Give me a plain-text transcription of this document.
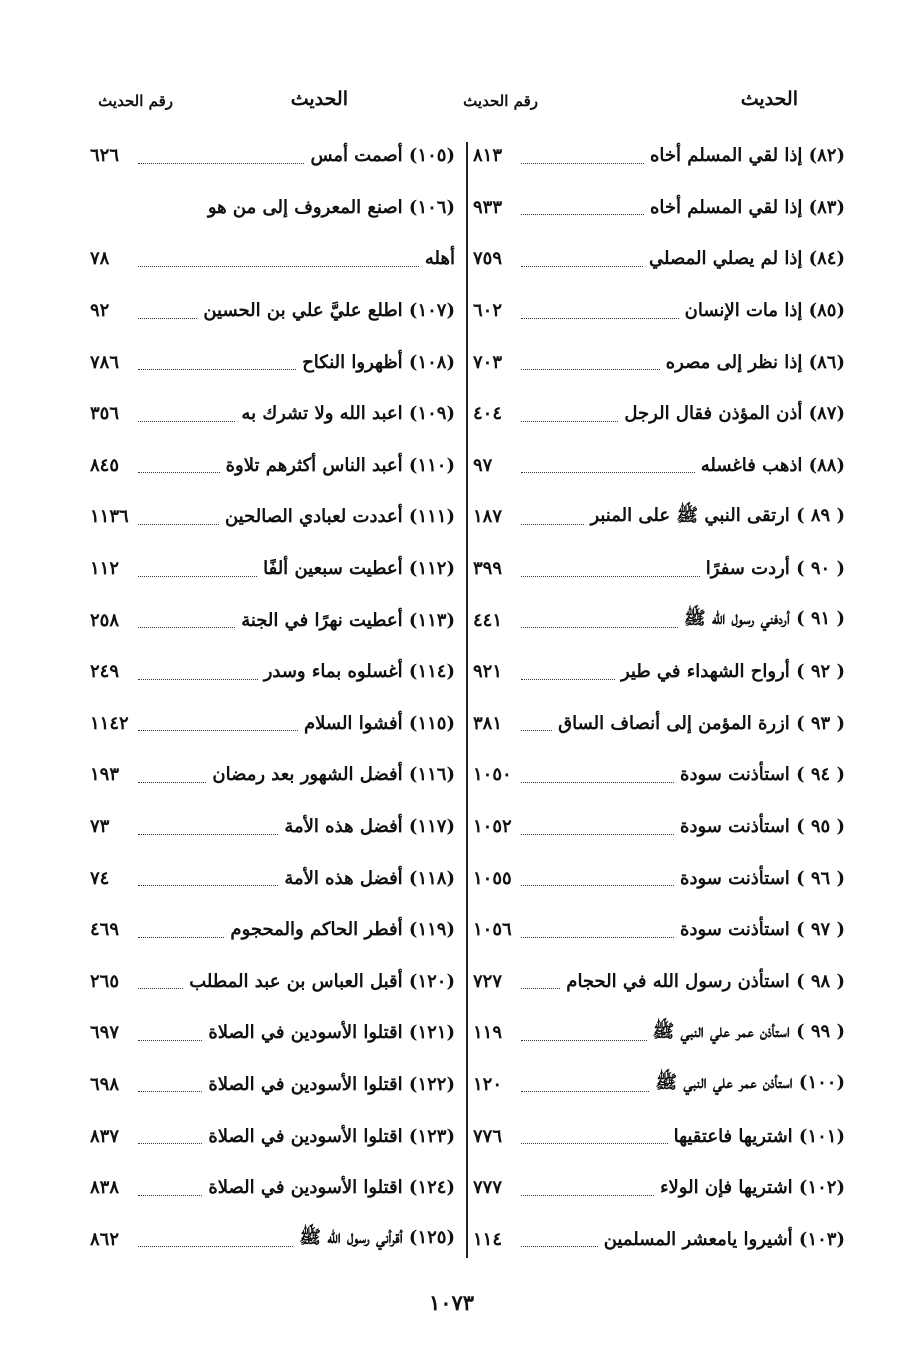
الحديث
رقم الحديث
الحديث
رقم الحديث
(٨٢) إذا لقي المسلم أخاه
٨١٣
(٨٣) إذا لقي المسلم أخاه
٩٣٣
(٨٤) إذا لم يصلي المصلي
٧٥٩
(٨٥) إذا مات الإنسان
٦٠٢
(٨٦) إذا نظر إلى مصره
٧٠٣
(٨٧) أذن المؤذن فقال الرجل
٤٠٤
(٨٨) اذهب فاغسله
٩٧
( ٨٩ ) ارتقى النبي ﷺ على المنبر
١٨٧
( ٩٠ ) أردت سفرًا
٣٩٩
( ٩١ ) أردفني رسول الله ﷺ
٤٤١
( ٩٢ ) أرواح الشهداء في طير
٩٢١
( ٩٣ ) ازرة المؤمن إلى أنصاف الساق
٣٨١
( ٩٤ ) استأذنت سودة
١٠٥٠
( ٩٥ ) استأذنت سودة
١٠٥٢
( ٩٦ ) استأذنت سودة
١٠٥٥
( ٩٧ ) استأذنت سودة
١٠٥٦
( ٩٨ ) استأذن رسول الله في الحجام
٧٢٧
( ٩٩ ) استأذن عمر علي النبي ﷺ
١١٩
(١٠٠) استأذن عمر علي النبي ﷺ
١٢٠
(١٠١) اشتريها فاعتقيها
٧٧٦
(١٠٢) اشتريها فإن الولاء
٧٧٧
(١٠٣) أشيروا يامعشر المسلمين
١١٤
(١٠٥) أصمت أمس
٦٢٦
(١٠٦) اصنع المعروف إلى من هو
أهله
٧٨
(١٠٧) اطلع عليَّ علي بن الحسين
٩٢
(١٠٨) أظهروا النكاح
٧٨٦
(١٠٩) اعبد الله ولا تشرك به
٣٥٦
(١١٠) أعبد الناس أكثرهم تلاوة
٨٤٥
(١١١) أعددت لعبادي الصالحين
١١٣٦
(١١٢) أعطيت سبعين ألفًا
١١٢
(١١٣) أعطيت نهرًا في الجنة
٢٥٨
(١١٤) أغسلوه بماء وسدر
٢٤٩
(١١٥) أفشوا السلام
١١٤٢
(١١٦) أفضل الشهور بعد رمضان
١٩٣
(١١٧) أفضل هذه الأمة
٧٣
(١١٨) أفضل هذه الأمة
٧٤
(١١٩) أفطر الحاكم والمحجوم
٤٦٩
(١٢٠) أقبل العباس بن عبد المطلب
٢٦٥
(١٢١) اقتلوا الأسودين في الصلاة
٦٩٧
(١٢٢) اقتلوا الأسودين في الصلاة
٦٩٨
(١٢٣) اقتلوا الأسودين في الصلاة
٨٣٧
(١٢٤) اقتلوا الأسودين في الصلاة
٨٣٨
(١٢٥) أقرأني رسول الله ﷺ
٨٦٢
١٠٧٣
